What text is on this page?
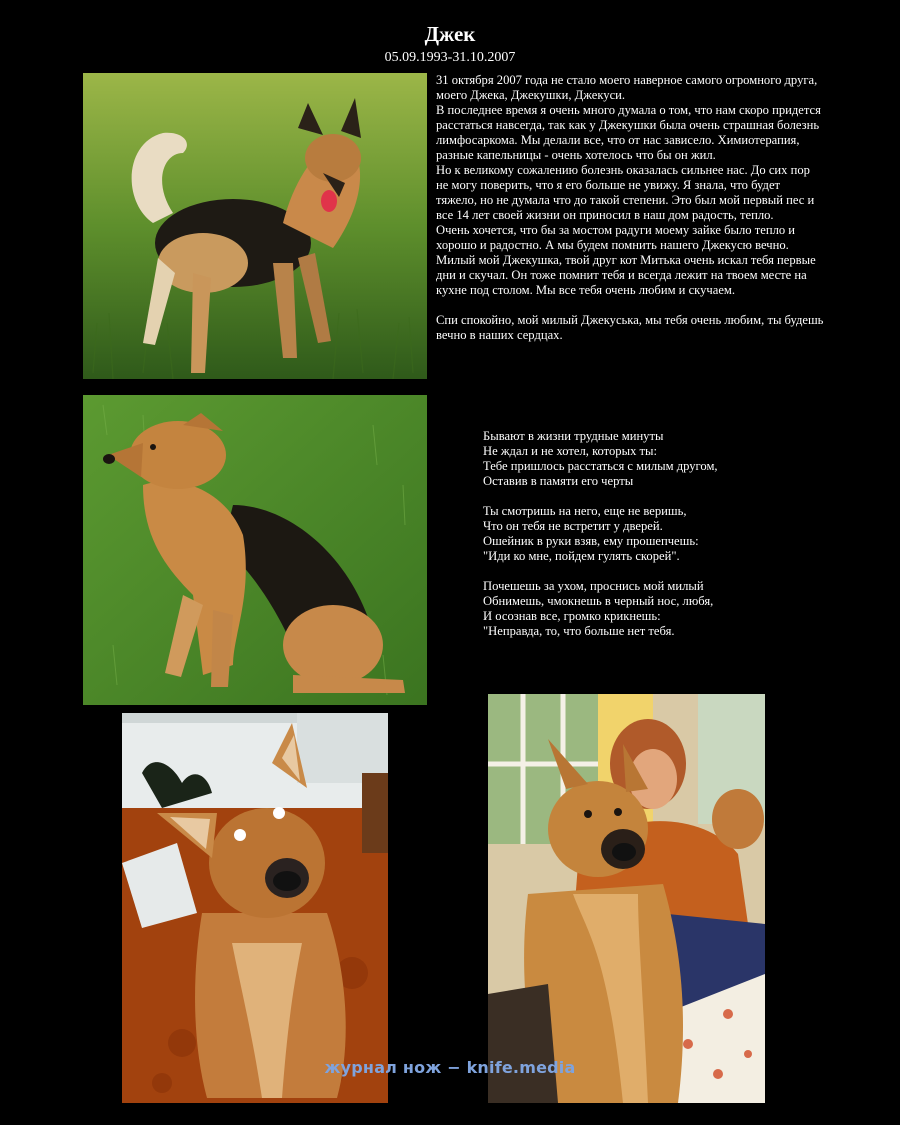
Джек
05.09.1993-31.10.2007

31 октября 2007 года не стало моего наверное самого огромного друга, моего Джека, Джекушки, Джекуси.

В последнее время я очень много думала о том, что нам скоро придется расстаться навсегда, так как у Джекушки была очень страшная болезнь лимфосаркома. Мы делали все, что от нас зависело. Химиотерапия, разные капельницы - очень хотелось что бы он жил.

Но к великому сожалению болезнь оказалась сильнее нас. До сих пор не могу поверить, что я его больше не увижу. Я знала, что будет тяжело, но не думала что до такой степени. Это был мой первый пес и все 14 лет своей жизни он приносил в наш дом радость, тепло.

Очень хочется, что бы за мостом радуги моему зайке было тепло и хорошо и радостно. А мы будем помнить нашего Джекусю вечно.

Милый мой Джекушка, твой друг кот Митька очень искал тебя первые дни и скучал. Он тоже помнит тебя и всегда лежит на твоем месте на кухне под столом. Мы все тебя очень любим и скучаем.

Спи спокойно, мой милый Джекуська, мы тебя очень любим, ты будешь вечно в наших сердцах.

Бывают в жизни трудные минуты
Не ждал и не хотел, которых ты:
Тебе пришлось расстаться с милым другом,
Оставив в памяти его черты
Ты смотришь на него, еще не веришь,
Что он тебя не встретит у дверей.
Ошейник в руки взяв, ему прошепчешь:
"Иди ко мне, пойдем гулять скорей".
Почешешь за ухом, проснись мой милый
Обнимешь, чмокнешь в черный нос, любя,
И осознав все, громко крикнешь:
"Неправда, то, что больше нет тебя.
журнал нож − knife.media
